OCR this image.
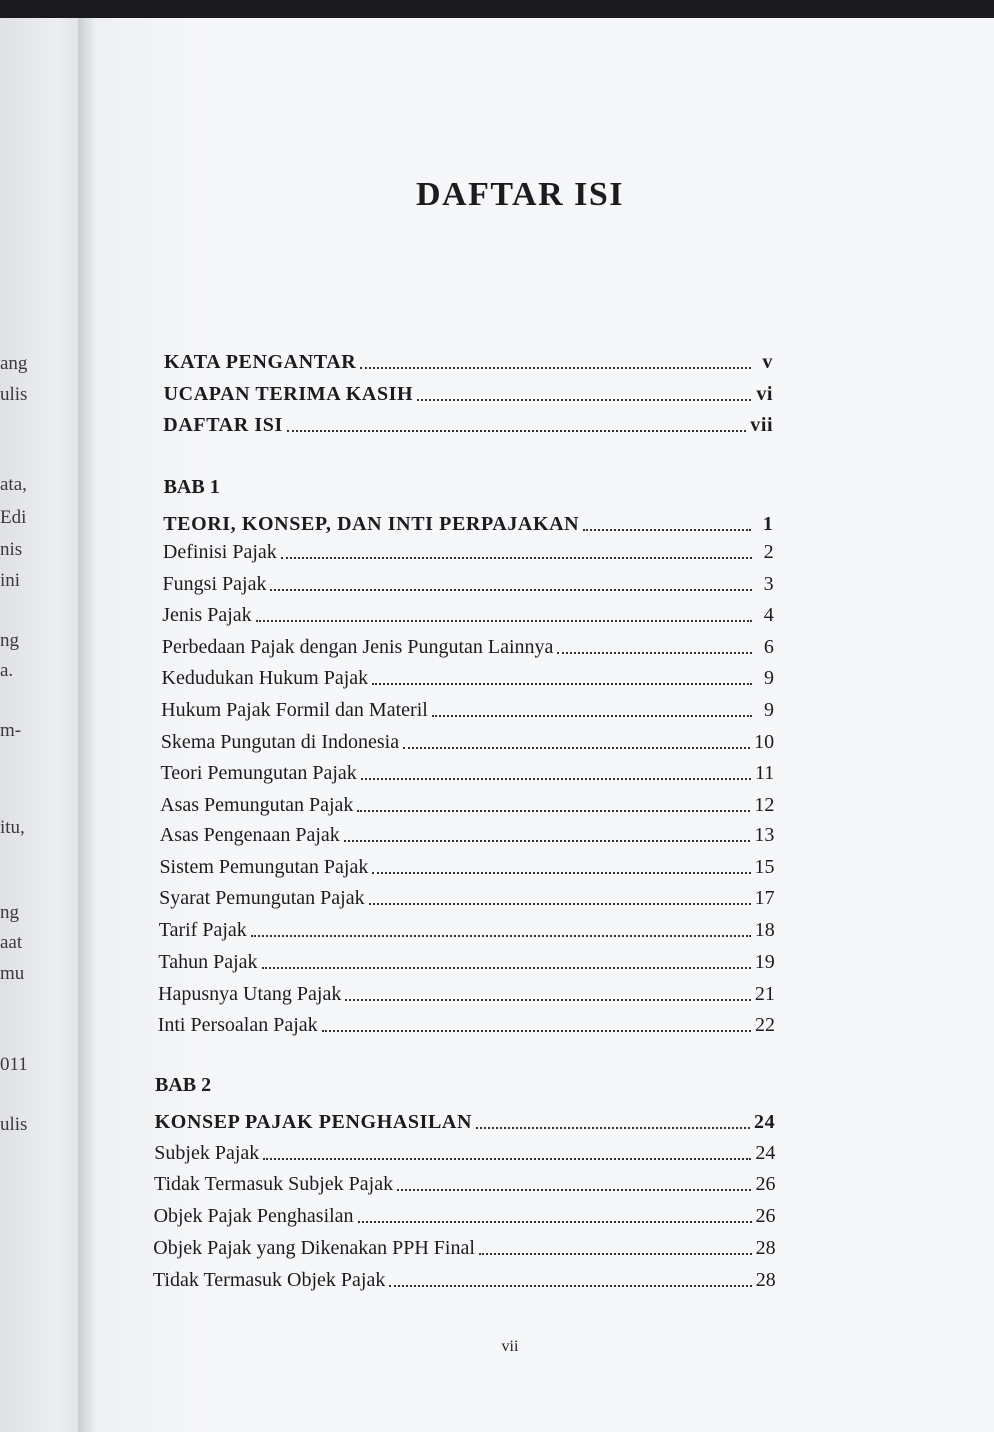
ang
ulis
ata,
Edi
nis
ini
ng
a.
m-
itu,
ng
aat
mu
011
ulis
DAFTAR ISI
KATA PENGANTAR	v
UCAPAN TERIMA KASIH	vi
DAFTAR ISI	vii
BAB 1
TEORI, KONSEP, DAN INTI PERPAJAKAN	1
Definisi Pajak	2
Fungsi Pajak	3
Jenis Pajak	4
Perbedaan Pajak dengan Jenis Pungutan Lainnya	6
Kedudukan Hukum Pajak	9
Hukum Pajak Formil dan Materil	9
Skema Pungutan di Indonesia	10
Teori Pemungutan Pajak	11
Asas Pemungutan Pajak	12
Asas Pengenaan Pajak	13
Sistem Pemungutan Pajak	15
Syarat Pemungutan Pajak	17
Tarif Pajak	18
Tahun Pajak	19
Hapusnya Utang Pajak	21
Inti Persoalan Pajak	22
BAB 2
KONSEP PAJAK PENGHASILAN	24
Subjek Pajak	24
Tidak Termasuk Subjek Pajak	26
Objek Pajak Penghasilan	26
Objek Pajak yang Dikenakan PPH Final	28
Tidak Termasuk Objek Pajak	28
vii
